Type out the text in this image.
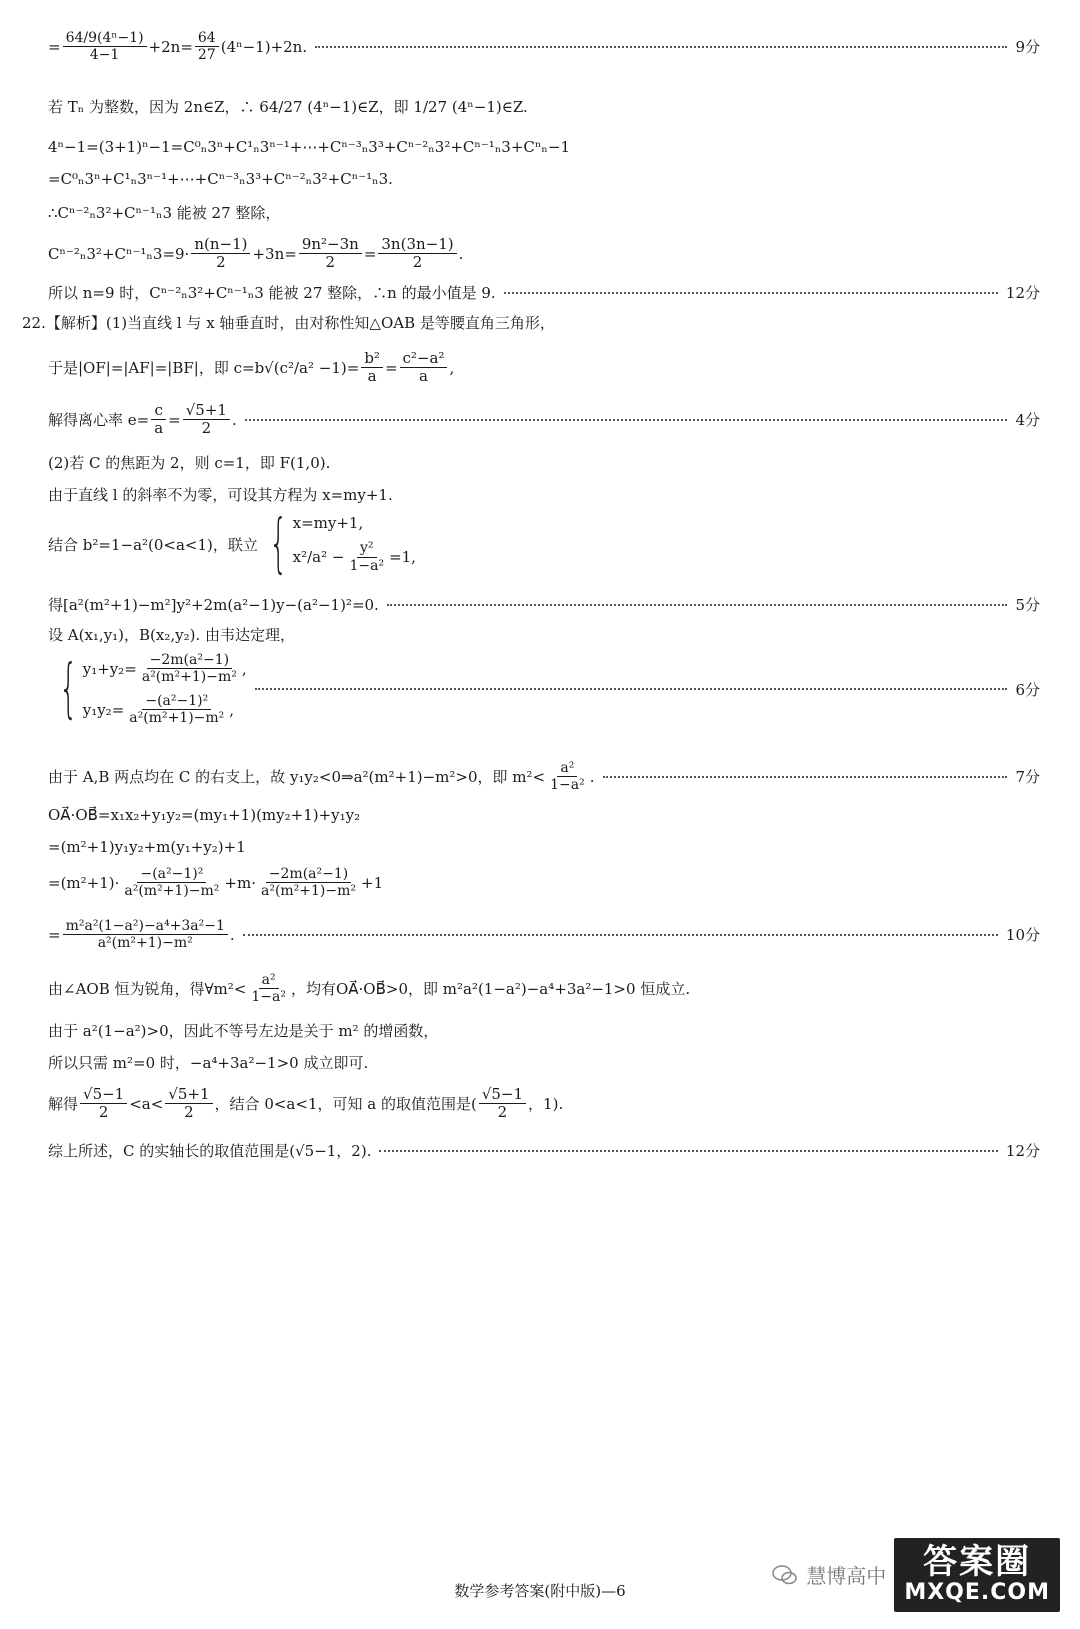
= $\frac{\text{64/9(4ⁿ−1)}}{4-1} +2n= \frac{64}{27} (4^n-1)+2n$.	9分
若 Tₙ 为整数，因为 2n∈Z，∴ 64/27 (4ⁿ−1)∈Z，即 1/27 (4ⁿ−1)∈Z.
4ⁿ−1=(3+1)ⁿ−1=C⁰ₙ3ⁿ+C¹ₙ3ⁿ⁻¹+⋯+Cⁿ⁻³ₙ3³+Cⁿ⁻²ₙ3²+Cⁿ⁻¹ₙ3+Cⁿₙ−1
=C⁰ₙ3ⁿ+C¹ₙ3ⁿ⁻¹+⋯+Cⁿ⁻³ₙ3³+Cⁿ⁻²ₙ3²+Cⁿ⁻¹ₙ3.
∴Cⁿ⁻²ₙ3²+Cⁿ⁻¹ₙ3 能被 27 整除，
$C^{n-2}_n3^2+C^{n-1}_n3=9\cdot \frac{n(n-1)}{2} +3n= \frac{\text{9n²−3n}}{2} = \frac{3n(3n-1)}{2}$ .
所以 n=9 时，Cⁿ⁻²ₙ3²+Cⁿ⁻¹ₙ3 能被 27 整除，∴n 的最小值是 9.	12分
22.【解析】(1)当直线 l 与 x 轴垂直时，由对称性知△OAB 是等腰直角三角形，
于是|OF|=|AF|=|BF|，即 $c=b√(c^2/a^2 -1)= \frac{\text{b²}}{a} = \frac{\text{c²−a²}}{a}$ ,
解得离心率 $e= \frac{c}{a} = \frac{√5+1}{2}$ .	4分
(2)若 C 的焦距为 2，则 c=1，即 F(1,0).
由于直线 l 的斜率不为零，可设其方程为 x=my+1.
结合 b²=1−a²(0<a<1)，联立 { x=my+1,
$x^2/a^2 - \frac{\text{y²}}{\text{1−a²}} =1$,
得[a²(m²+1)−m²]y²+2m(a²−1)y−(a²−1)²=0.	5分
设 A(x₁,y₁)，B(x₂,y₂). 由韦达定理，
{ $y_1+y_2= \frac{\text{−2m(a²−1)}}{\text{a²(m²+1)−m²}}$ ,
$y_1y_2= \frac{\text{−(a²−1)²}}{\text{a²(m²+1)−m²}}$ ,
6分
由于 A,B 两点均在 C 的右支上，故 y₁y₂<0⇒a²(m²+1)−m²>0，即 $m^2< \frac{\text{a²}}{\text{1−a²}}$ .	7分
OA⃗·OB⃗=x₁x₂+y₁y₂=(my₁+1)(my₂+1)+y₁y₂
=(m²+1)y₁y₂+m(y₁+y₂)+1
$=(m^2+1)\cdot \frac{\text{−(a²−1)²}}{\text{a²(m²+1)−m²}} +m\cdot \frac{\text{−2m(a²−1)}}{\text{a²(m²+1)−m²}} +1$
= $\frac{\text{m²a²(1−a²)−a⁴+3a²−1}}{\text{a²(m²+1)−m²}}$ .	10分
由∠AOB 恒为锐角，得∀m²< $\frac{\text{a²}}{\text{1−a²}}$ ，均有OA⃗·OB⃗>0，即 m²a²(1−a²)−a⁴+3a²−1>0 恒成立.
由于 a²(1−a²)>0，因此不等号左边是关于 m² 的增函数，
所以只需 m²=0 时，−a⁴+3a²−1>0 成立即可.
解得 $\frac{√5-1}{2} <a< \frac{√5+1}{2}$ ，结合 0<a<1，可知 a 的取值范围是( $\frac{√5-1}{2}$ ，1).
综上所述，C 的实轴长的取值范围是(√5−1，2).	12分
慧博高中	答案圈
MXQE.COM
数学参考答案(附中版)—6
